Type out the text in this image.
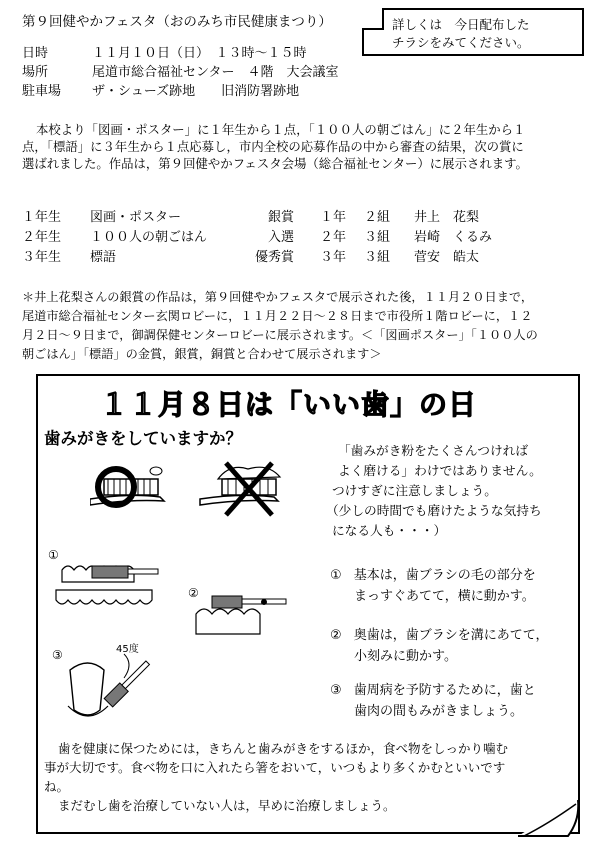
第９回健やかフェスタ（おのみち市民健康まつり）	詳しくは　今日配布した
チラシをみてください。
日時	１１月１０日（日）　１３時～１５時
場所	尾道市総合福祉センター　４階　大会議室
駐車場 ザ・シューズ跡地　　旧消防署跡地
本校より「図画・ポスター」に１年生から１点，「１００人の朝ごはん」に２年生から１
点，「標語」に３年生から１点応募し，市内全校の応募作品の中から審査の結果，次の賞に
選ばれました。作品は，第９回健やかフェスタ会場（総合福祉センター）に展示されます。
１年生 図画・ポスター	銀賞 １年 ２組 井上　花梨
２年生 １００人の朝ごはん	入選 ２年 ３組 岩崎　くるみ
３年生 標語	優秀賞 ３年 ３組 菅安　皓太
＊井上花梨さんの銀賞の作品は，第９回健やかフェスタで展示された後，１１月２０日まで，
尾道市総合福祉センター玄関ロビーに，１１月２２日～２８日まで市役所１階ロビーに，１２
月２日～９日まで，御調保健センターロビーに展示されます。＜「図画ポスター」「１００人の
朝ごはん」「標語」の金賞，銀賞，銅賞と合わせて展示されます＞
１１月８日は「いい歯」の日
歯みがきをしていますか？
「歯みがき粉をたくさんつければ
よく磨ける」わけではありません。
つけすぎに注意しましょう。
（少しの時間でも磨けたような気持ち
になる人も・・・）
①
②
③	45度
① 基本は，歯ブラシの毛の部分を
まっすぐあてて，横に動かす。
② 奥歯は，歯ブラシを溝にあてて，
小刻みに動かす。
③ 歯周病を予防するために，歯と
歯肉の間もみがきましょう。
歯を健康に保つためには，きちんと歯みがきをするほか，食べ物をしっかり噛む
事が大切です。食べ物を口に入れたら箸をおいて，いつもより多くかむといいです
ね。
まだむし歯を治療していない人は，早めに治療しましょう。
